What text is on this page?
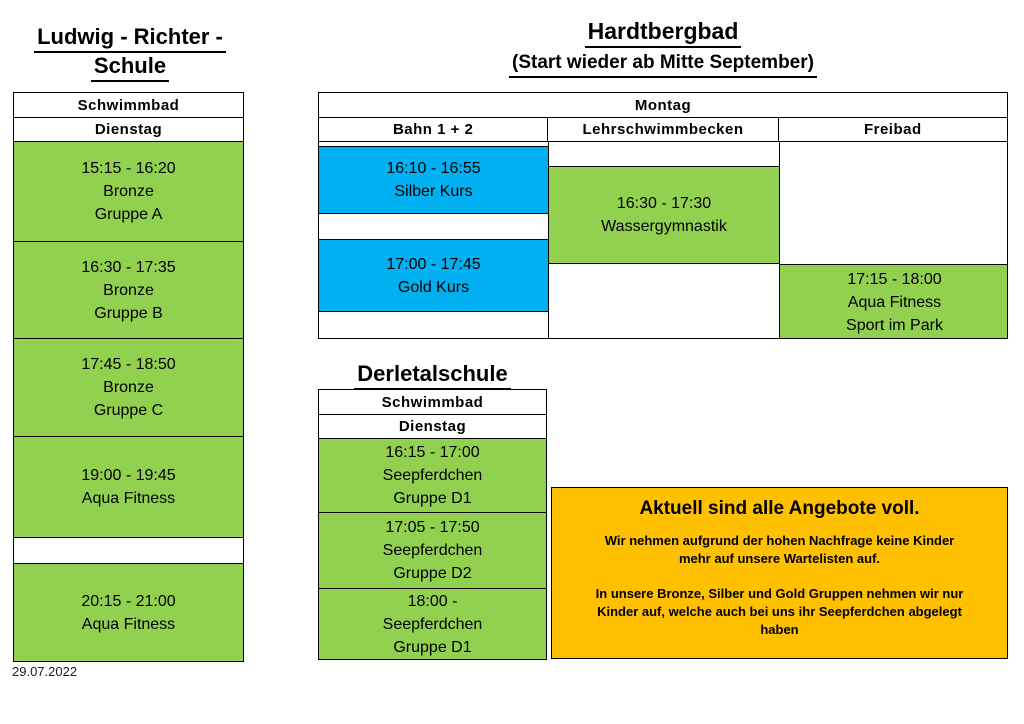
Ludwig - Richter -
Schule
Schwimmbad
Dienstag
15:15 - 16:20
Bronze
Gruppe A
16:30 - 17:35
Bronze
Gruppe B
17:45 - 18:50
Bronze
Gruppe C
19:00 - 19:45
Aqua Fitness
20:15 - 21:00
Aqua Fitness
Hardtbergbad
(Start wieder ab Mitte September)
Montag
Bahn 1 + 2	Lehrschwimmbecken	Freibad
16:10 - 16:55
Silber Kurs
17:00 - 17:45
Gold Kurs
16:30 - 17:30
Wassergymnastik
17:15 - 18:00
Aqua Fitness
Sport im Park
Derletalschule
Schwimmbad
Dienstag
16:15 - 17:00
Seepferdchen
Gruppe D1
17:05 - 17:50
Seepferdchen
Gruppe D2
18:00 -
Seepferdchen
Gruppe D1
Aktuell sind alle Angebote voll.
Wir nehmen aufgrund der hohen Nachfrage keine Kinder
mehr auf unsere Wartelisten auf.
In unsere Bronze, Silber und Gold Gruppen nehmen wir nur
Kinder auf, welche auch bei uns ihr Seepferdchen abgelegt
haben
29.07.2022
